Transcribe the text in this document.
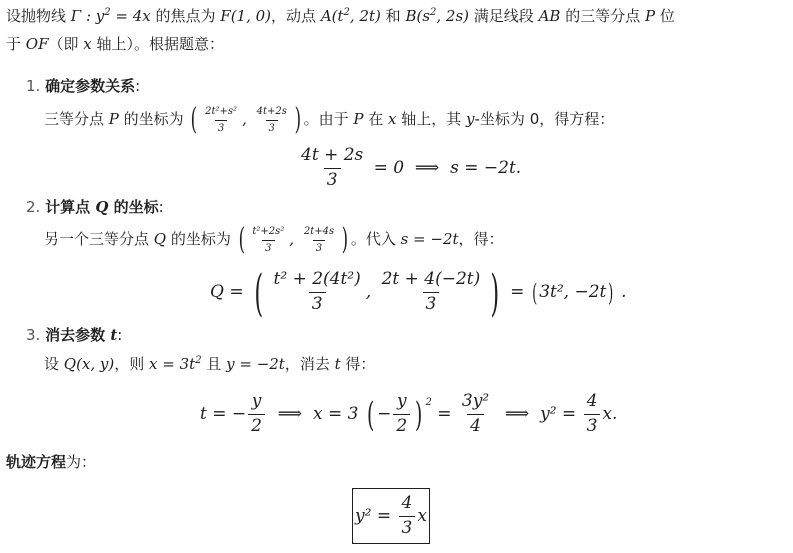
设抛物线 Γ : $y^2 = 4x$ 的焦点为 F(1, 0)，动点 $A(t^2$, 2t) 和 $B(s^2$, 2s) 满足线段 AB 的三等分点 P 位
于 OF（即 x 轴上）。根据题意：
1. 确定参数关系:
三等分点 P 的坐标为 ( $\frac{\text{2t²+s²}}{3}$ , $\frac{4t+2s}{3}$ ) 。由于 P 在 x 轴上，其 y-坐标为 0，得方程：
$\frac{4t + 2s}{3} = 0$  ⟹  s = −2t.
2. 计算点 Q 的坐标:
另一个三等分点 Q 的坐标为 ( $\frac{\text{t²+2s²}}{3}$ , $\frac{2t+4s}{3}$ ) 。代入 s = −2t，得：
Q = ( $\frac{\text{t² + 2(4t²)}}{3}$ , $\frac{2t + 4(-2t)}{3}$ ) = ( 3t², −2t) .
3. 消去参数 t:
设 Q(x, y)，则 $x = 3t^2$ 且 y = −2t，消去 t 得：
t = − $\frac{y}{2}$ ⟹  x = 3 ( − $\frac{y}{2}$ ) $^2 = \frac{\text{3y²}}{4}$ ⟹  $y^2 = \frac{4}{3} x$.
轨迹方程为：
$y^2 = \frac{4}{3}$ x
